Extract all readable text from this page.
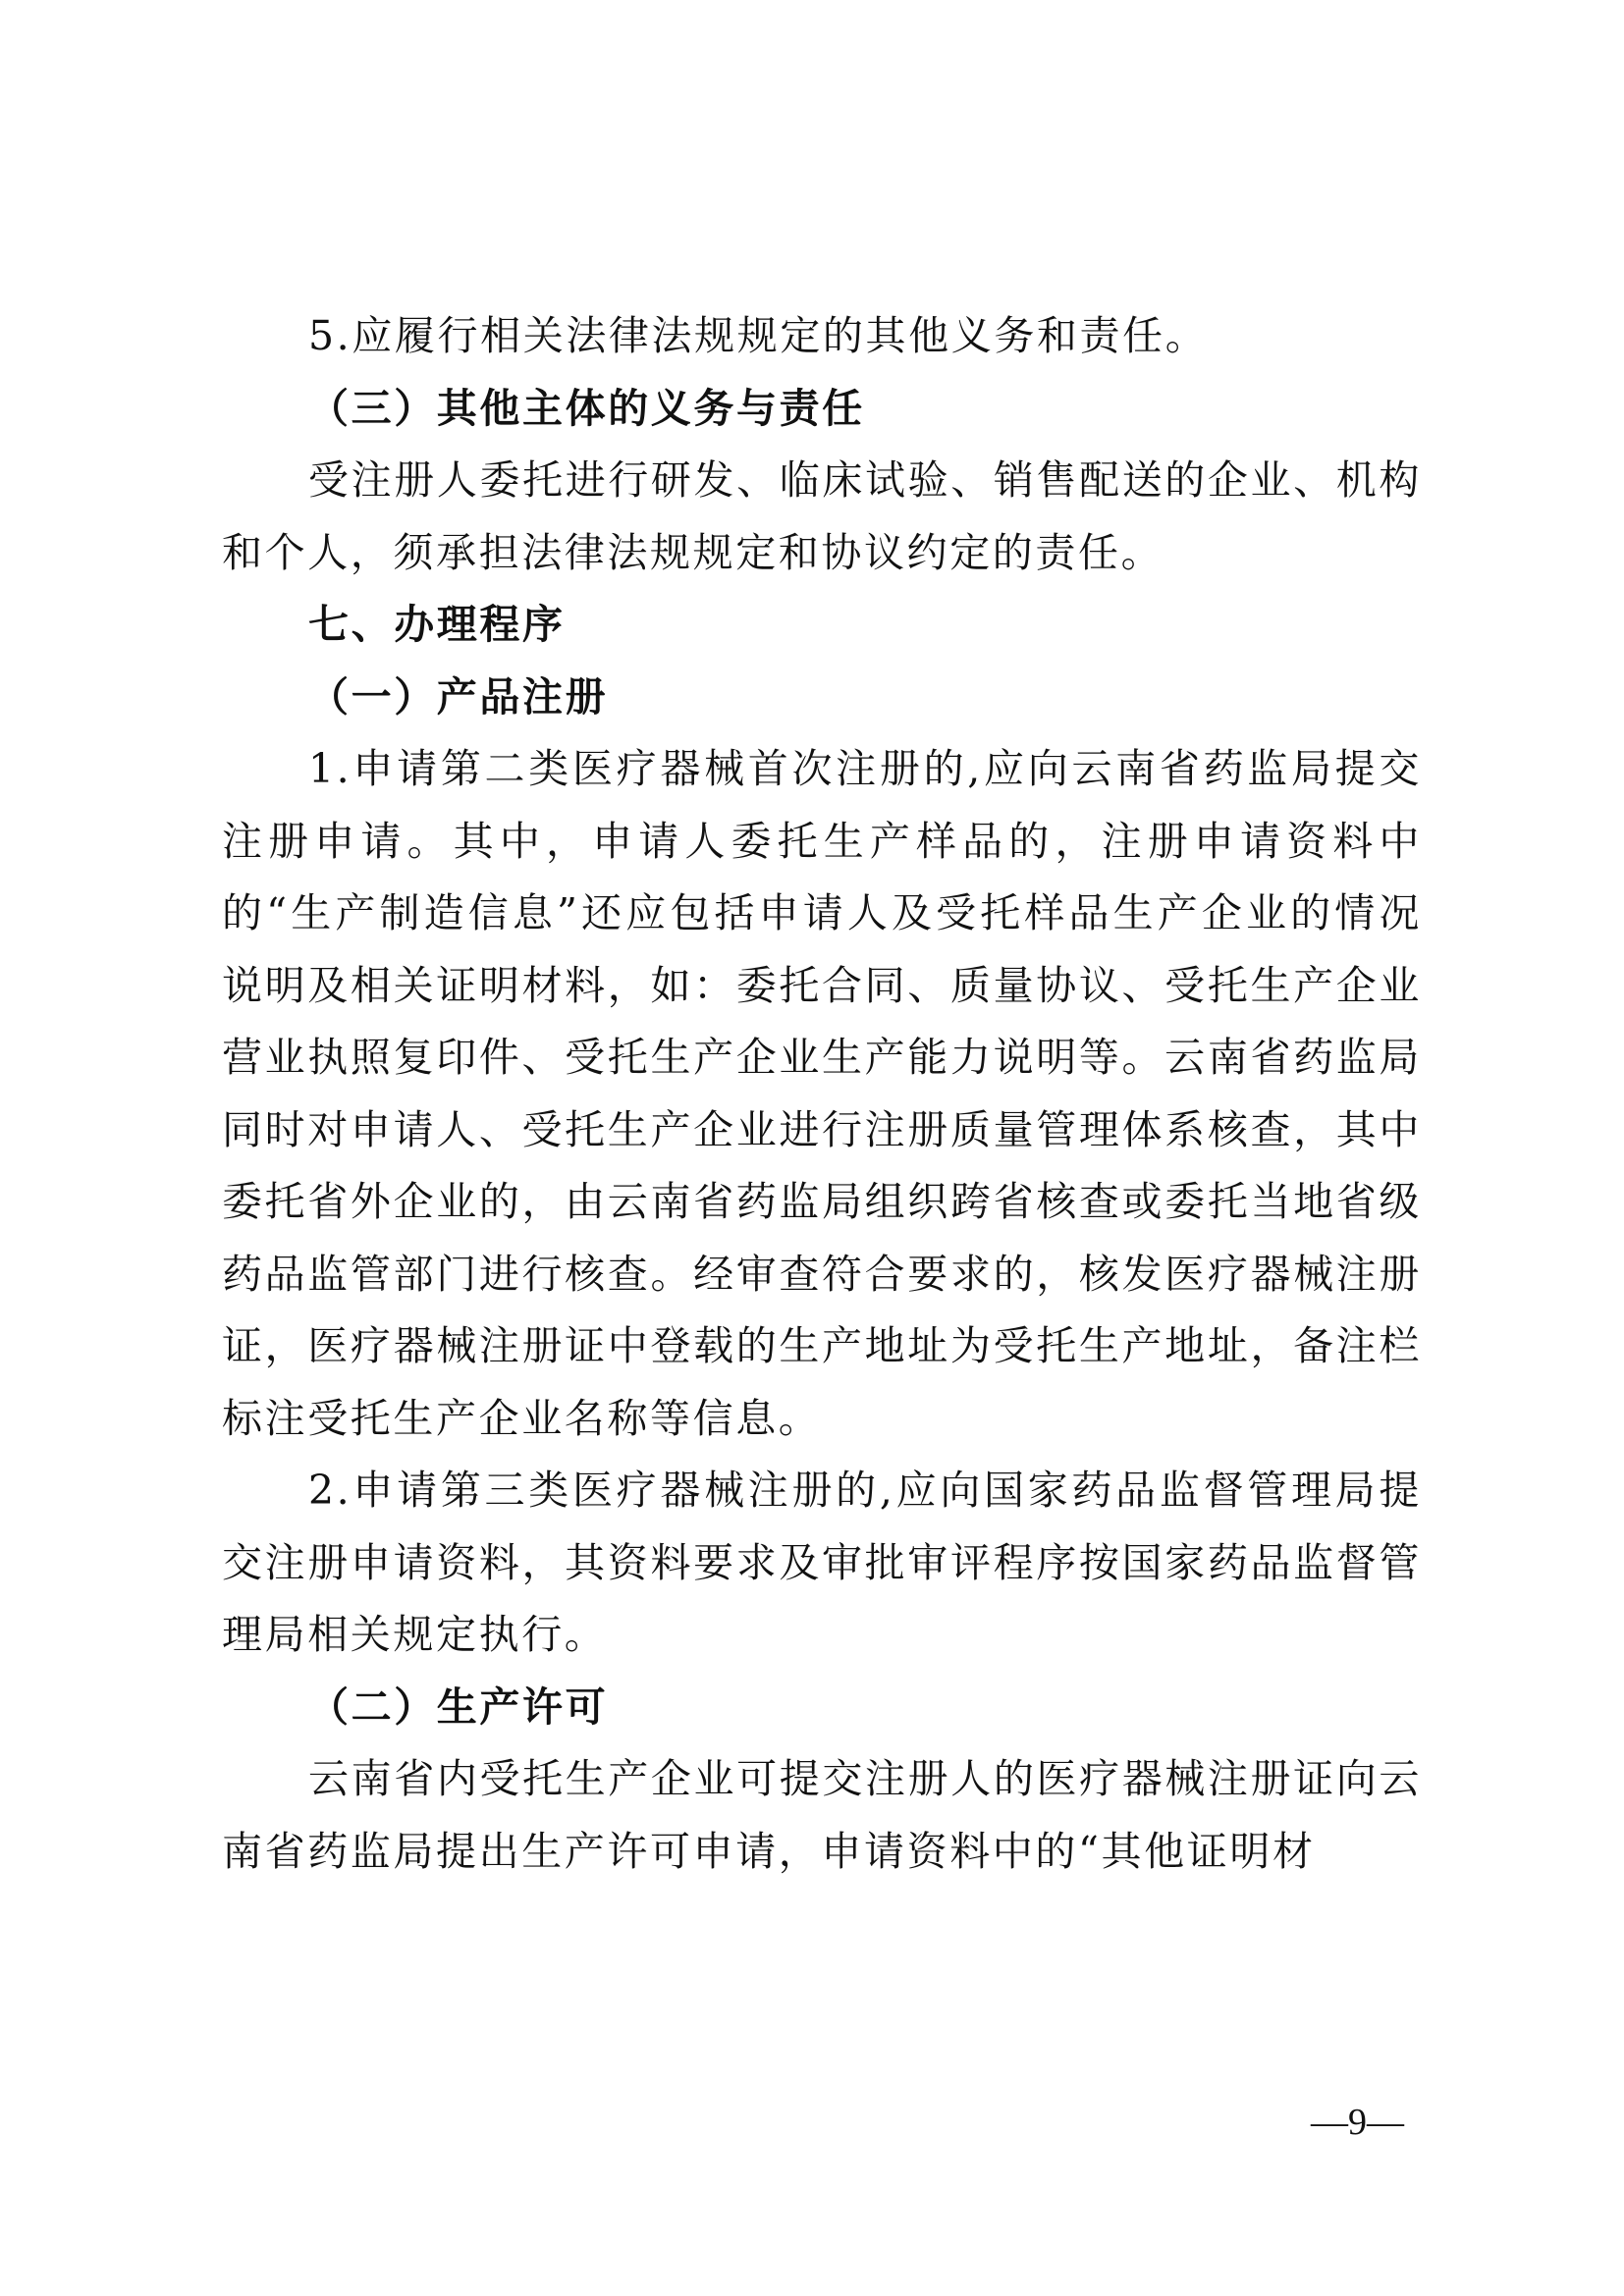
5.应履行相关法律法规规定的其他义务和责任。

（三）其他主体的义务与责任

受注册人委托进行研发、临床试验、销售配送的企业、机构和个人，须承担法律法规规定和协议约定的责任。

七、办理程序

（一）产品注册

1.申请第二类医疗器械首次注册的,应向云南省药监局提交注册申请。其中，申请人委托生产样品的，注册申请资料中的“生产制造信息”还应包括申请人及受托样品生产企业的情况说明及相关证明材料，如：委托合同、质量协议、受托生产企业营业执照复印件、受托生产企业生产能力说明等。云南省药监局同时对申请人、受托生产企业进行注册质量管理体系核查，其中委托省外企业的，由云南省药监局组织跨省核查或委托当地省级药品监管部门进行核查。经审查符合要求的，核发医疗器械注册证，医疗器械注册证中登载的生产地址为受托生产地址，备注栏标注受托生产企业名称等信息。

2.申请第三类医疗器械注册的,应向国家药品监督管理局提交注册申请资料，其资料要求及审批审评程序按国家药品监督管理局相关规定执行。

（二）生产许可

云南省内受托生产企业可提交注册人的医疗器械注册证向云南省药监局提出生产许可申请，申请资料中的“其他证明材

—9—
